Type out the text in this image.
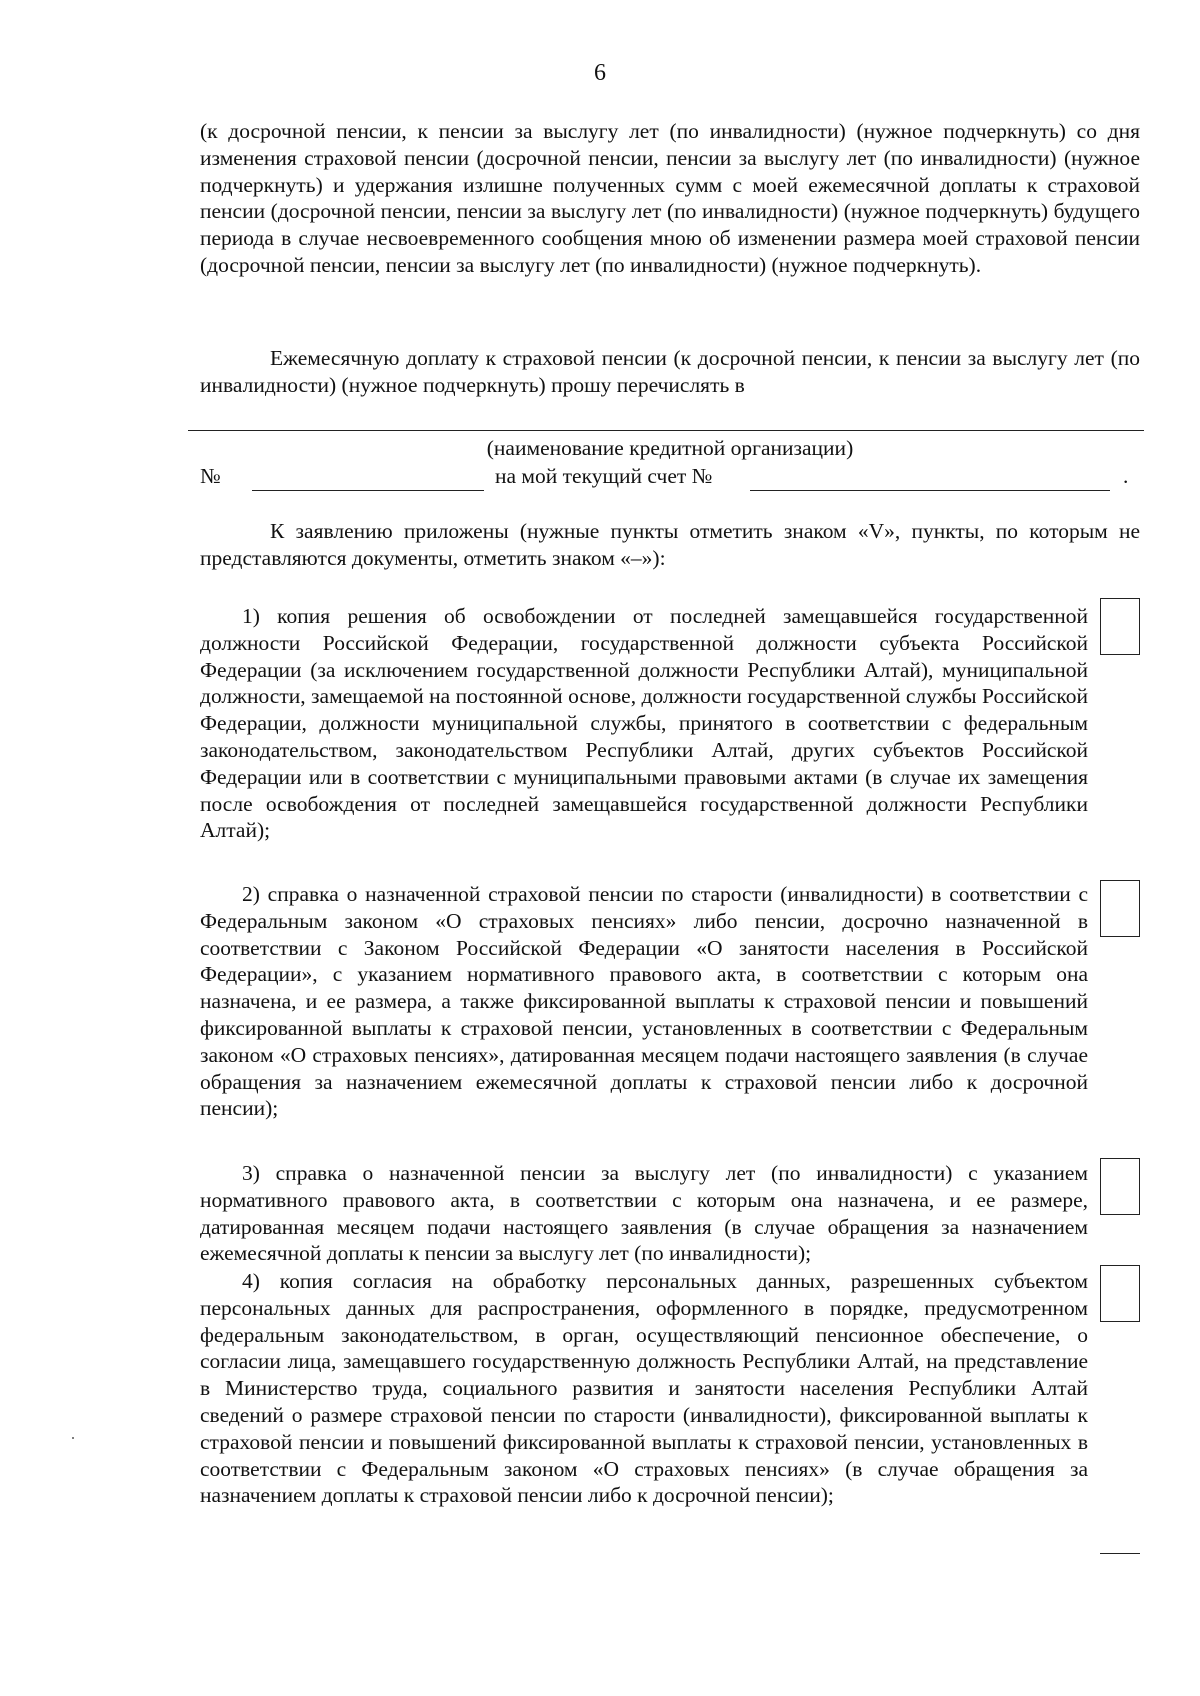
6

(к досрочной пенсии, к пенсии за выслугу лет (по инвалидности) (нужное подчеркнуть) со дня изменения страховой пенсии (досрочной пенсии, пенсии за выслугу лет (по инвалидности) (нужное подчеркнуть) и удержания излишне полученных сумм с моей ежемесячной доплаты к страховой пенсии (досрочной пенсии, пенсии за выслугу лет (по инвалидности) (нужное подчеркнуть) будущего периода в случае несвоевременного сообщения мною об изменении размера моей страховой пенсии (досрочной пенсии, пенсии за выслугу лет (по инвалидности) (нужное подчеркнуть).

Ежемесячную доплату к страховой пенсии (к досрочной пенсии, к пенсии за выслугу лет (по инвалидности) (нужное подчеркнуть) прошу перечислять в

(наименование кредитной организации)
№	на мой текущий счет №	.

К заявлению приложены (нужные пункты отметить знаком «V», пункты, по которым не представляются документы, отметить знаком «–»):

1) копия решения об освобождении от последней замещавшейся государственной должности Российской Федерации, государственной должности субъекта Российской Федерации (за исключением государственной должности Республики Алтай), муниципальной должности, замещаемой на постоянной основе, должности государственной службы Российской Федерации, должности муниципальной службы, принятого в соответствии с федеральным законодательством, законодательством Республики Алтай, других субъектов Российской Федерации или в соответствии с муниципальными правовыми актами (в случае их замещения после освобождения от последней замещавшейся государственной должности Республики Алтай);

2) справка о назначенной страховой пенсии по старости (инвалидности) в соответствии с Федеральным законом «О страховых пенсиях» либо пенсии, досрочно назначенной в соответствии с Законом Российской Федерации «О занятости населения в Российской Федерации», с указанием нормативного правового акта, в соответствии с которым она назначена, и ее размера, а также фиксированной выплаты к страховой пенсии и повышений фиксированной выплаты к страховой пенсии, установленных в соответствии с Федеральным законом «О страховых пенсиях», датированная месяцем подачи настоящего заявления (в случае обращения за назначением ежемесячной доплаты к страховой пенсии либо к досрочной пенсии);

3) справка о назначенной пенсии за выслугу лет (по инвалидности) с указанием нормативного правового акта, в соответствии с которым она назначена, и ее размере, датированная месяцем подачи настоящего заявления (в случае обращения за назначением ежемесячной доплаты к пенсии за выслугу лет (по инвалидности);

4) копия согласия на обработку персональных данных, разрешенных субъектом персональных данных для распространения, оформленного в порядке, предусмотренном федеральным законодательством, в орган, осуществляющий пенсионное обеспечение, о согласии лица, замещавшего государственную должность Республики Алтай, на представление в Министерство труда, социального развития и занятости населения Республики Алтай сведений о размере страховой пенсии по старости (инвалидности), фиксированной выплаты к страховой пенсии и повышений фиксированной выплаты к страховой пенсии, установленных в соответствии с Федеральным законом «О страховых пенсиях» (в случае обращения за назначением доплаты к страховой пенсии либо к досрочной пенсии);
